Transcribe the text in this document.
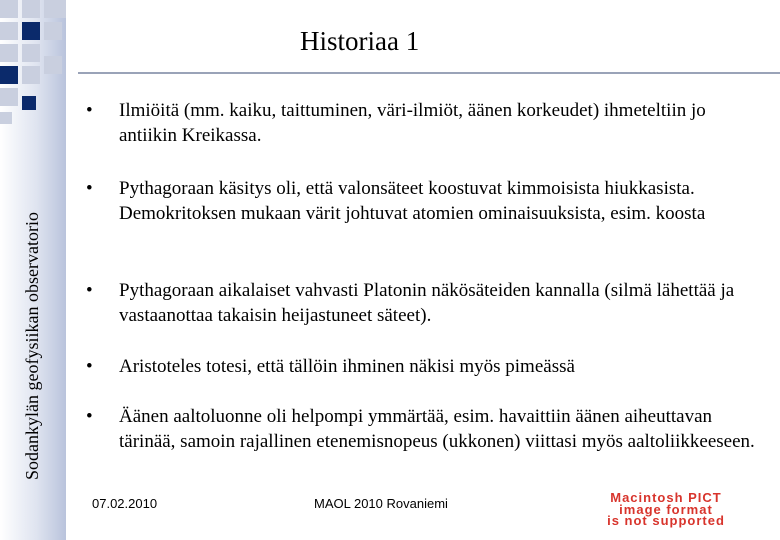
Sodankylän geofysiikan observatorio
Historiaa 1
•	Ilmiöitä (mm. kaiku, taittuminen, väri-ilmiöt, äänen korkeudet) ihmeteltiin jo antiikin Kreikassa.
•	Pythagoraan käsitys oli, että valonsäteet koostuvat kimmoisista hiukkasista. Demokritoksen mukaan värit johtuvat atomien ominaisuuksista, esim. koosta
•	Pythagoraan aikalaiset vahvasti Platonin näkösäteiden kannalla (silmä lähettää ja vastaanottaa takaisin heijastuneet säteet).
•	Aristoteles totesi, että tällöin ihminen näkisi myös pimeässä
•	Äänen aaltoluonne oli helpompi ymmärtää, esim. havaittiin äänen aiheuttavan tärinää, samoin rajallinen etenemisnopeus (ukkonen) viittasi myös aaltoliikkeeseen.
07.02.2010	MAOL 2010 Rovaniemi	Macintosh PICT
image format
is not supported
